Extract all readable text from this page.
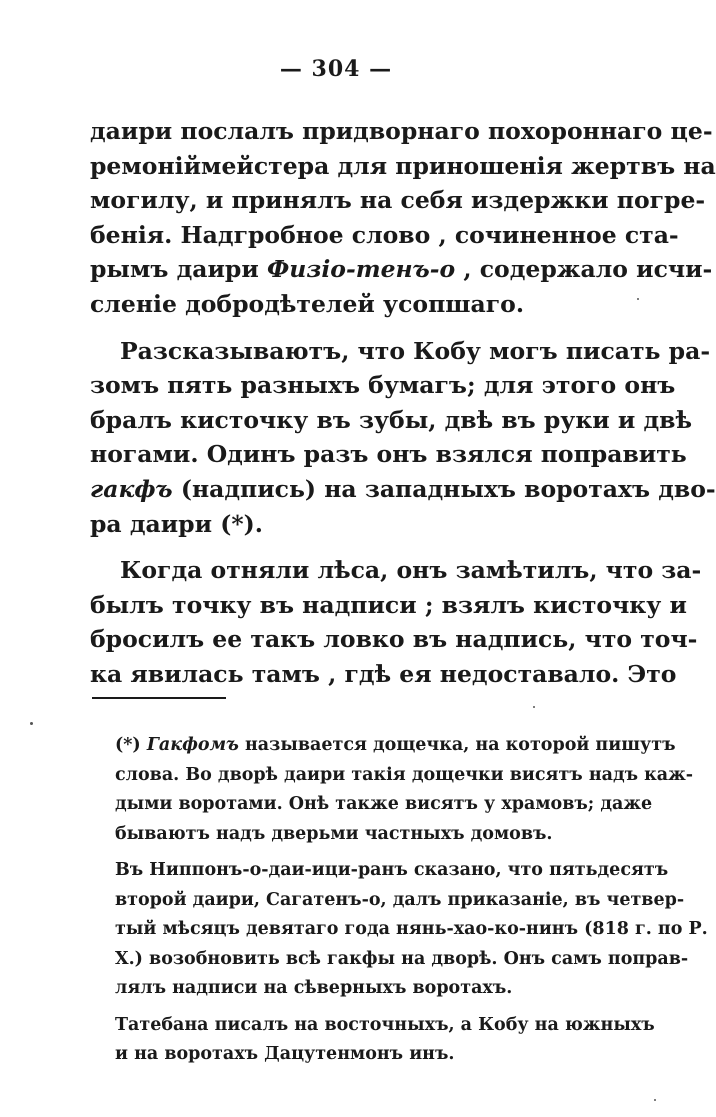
— 304 —

даири послалъ придворнаго похороннаго це-
ремоніймейстера для приношенія жертвъ на
могилу, и принялъ на себя издержки погре-
бенія. Надгробное слово , сочиненное ста-
рымъ даири Физіо-тенъ-о , содержало исчи-
сленіе добродѣтелей усопшаго.

Разсказываютъ, что Кобу могъ писать ра-
зомъ пять разныхъ бумагъ; для этого онъ
бралъ кисточку въ зубы, двѣ въ руки и двѣ
ногами. Одинъ разъ онъ взялся поправить
гакфъ (надпись) на западныхъ воротахъ дво-
ра даири (*).

Когда отняли лѣса, онъ замѣтилъ, что за-
былъ точку въ надписи ; взялъ кисточку и
бросилъ ее такъ ловко въ надпись, что точ-
ка явилась тамъ , гдѣ ея недоставало. Это

(*) Гакфомъ называется дощечка, на которой пишутъ
слова. Во дворѣ даири такія дощечки висятъ надъ каж-
дыми воротами. Онѣ также висятъ у храмовъ; даже
бываютъ надъ дверьми частныхъ домовъ.

Въ Ниппонъ-о-даи-ици-ранъ сказано, что пятьдесятъ
второй даири, Сагатенъ-о, далъ приказаніе, въ четвер-
тый мѣсяцъ девятаго года нянь-хао-ко-нинъ (818 г. по Р.
Х.) возобновить всѣ гакфы на дворѣ. Онъ самъ поправ-
лялъ надписи на сѣверныхъ воротахъ.

Татебана писалъ на восточныхъ, а Кобу на южныхъ
и на воротахъ Дацутенмонъ инъ.
